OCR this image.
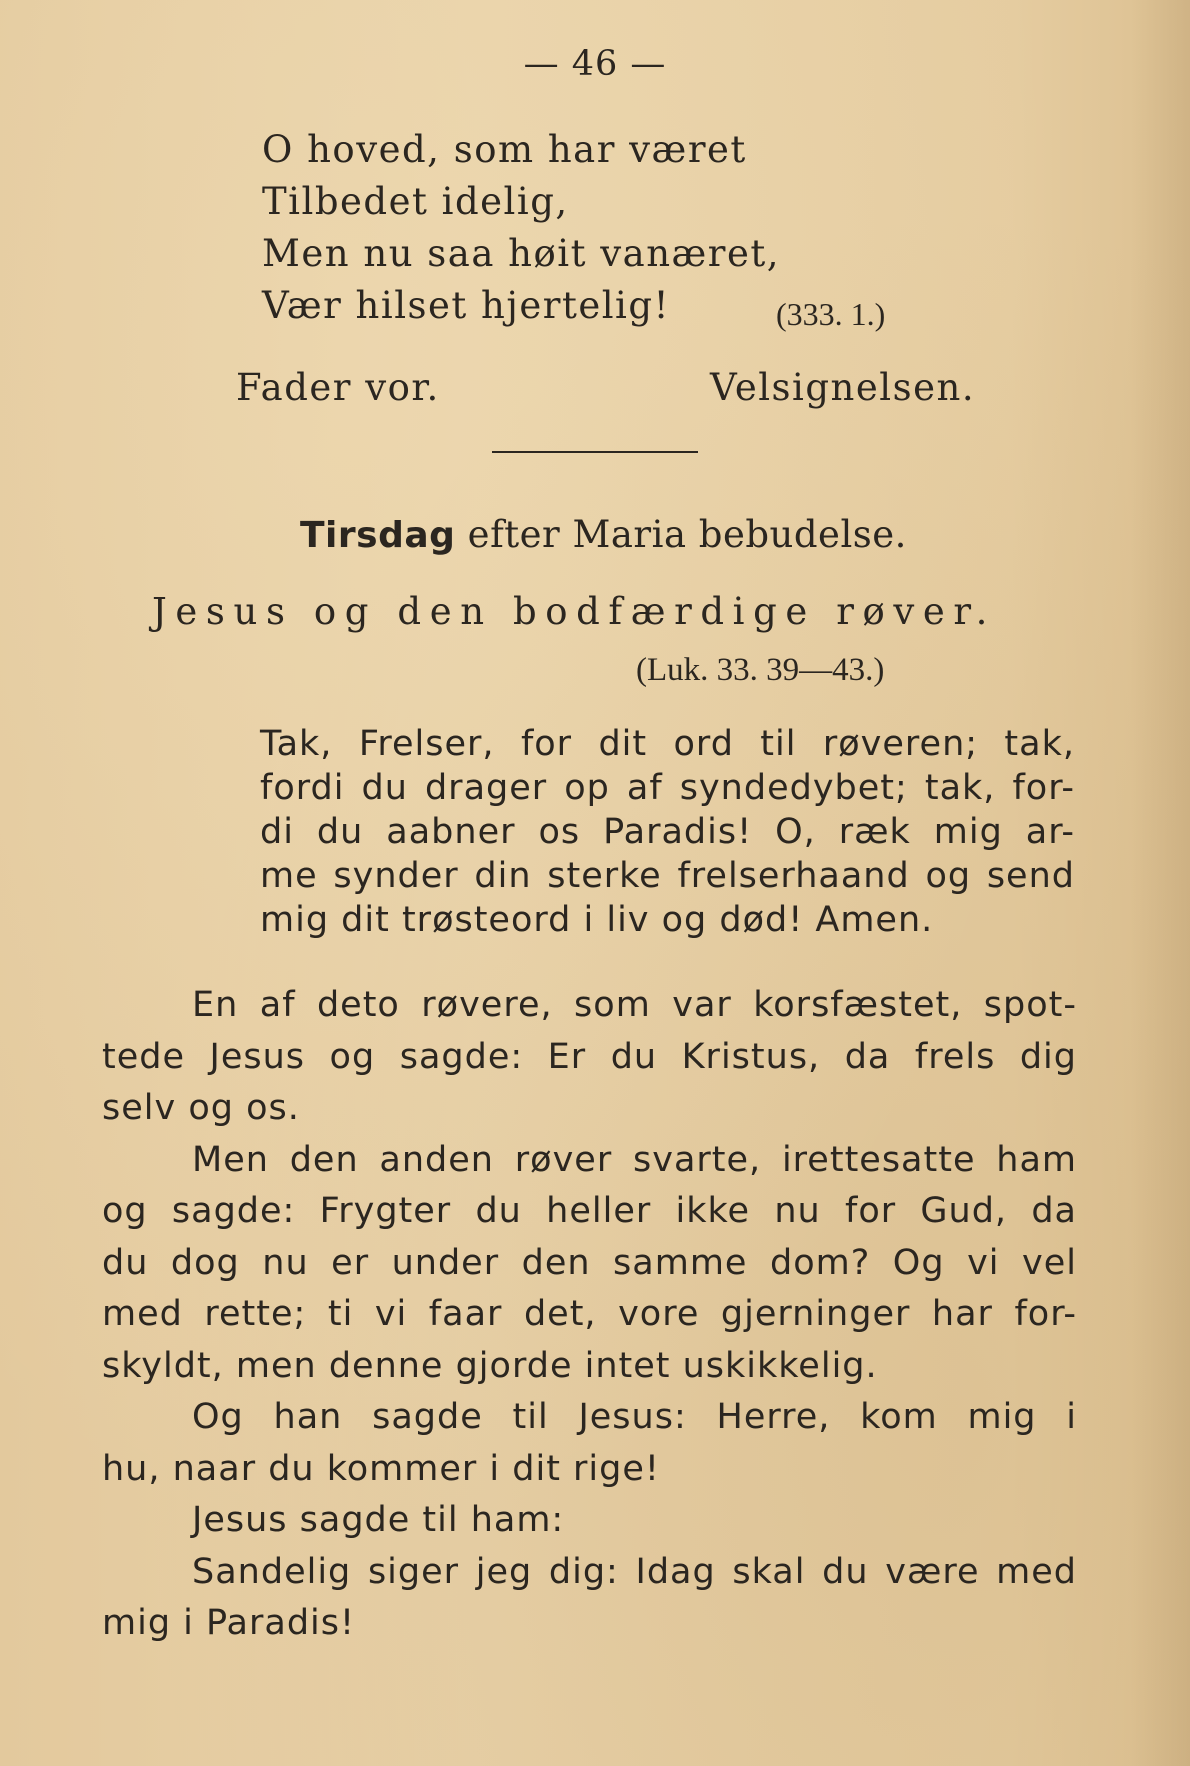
— 46 —
O hoved, som har været
Tilbedet idelig,
Men nu saa høit vanæret,
Vær hilset hjertelig!	(333. 1.)
Fader vor.	Velsignelsen.
Tirsdag efter Maria bebudelse.
Jesus og den bodfærdige røver.
(Luk. 33. 39—43.)
Tak, Frelser, for dit ord til røveren; tak,
fordi du drager op af syndedybet; tak, for-
di du aabner os Paradis! O, ræk mig ar-
me synder din sterke frelserhaand og send
mig dit trøsteord i liv og død! Amen.
En af deto røvere, som var korsfæstet, spot-
tede Jesus og sagde: Er du Kristus, da frels dig
selv og os.
Men den anden røver svarte, irettesatte ham
og sagde: Frygter du heller ikke nu for Gud, da
du dog nu er under den samme dom? Og vi vel
med rette; ti vi faar det, vore gjerninger har for-
skyldt, men denne gjorde intet uskikkelig.
Og han sagde til Jesus: Herre, kom mig i
hu, naar du kommer i dit rige!
Jesus sagde til ham:
Sandelig siger jeg dig: Idag skal du være med
mig i Paradis!
